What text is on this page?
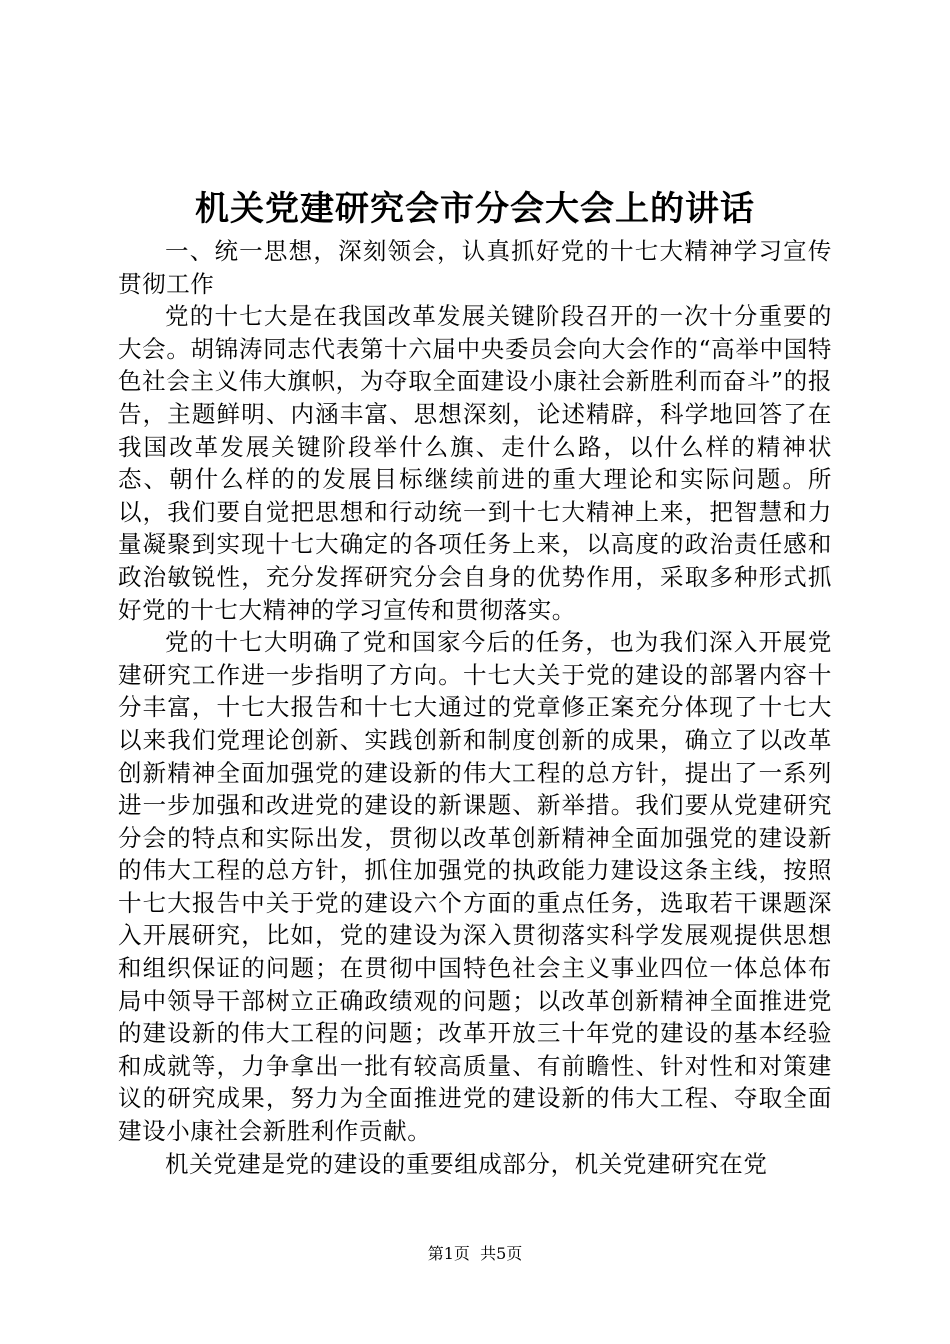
机关党建研究会市分会大会上的讲话

一、统一思想，深刻领会，认真抓好党的十七大精神学习宣传贯彻工作

党的十七大是在我国改革发展关键阶段召开的一次十分重要的大会。胡锦涛同志代表第十六届中央委员会向大会作的“高举中国特色社会主义伟大旗帜，为夺取全面建设小康社会新胜利而奋斗”的报告，主题鲜明、内涵丰富、思想深刻，论述精辟，科学地回答了在我国改革发展关键阶段举什么旗、走什么路，以什么样的精神状态、朝什么样的的发展目标继续前进的重大理论和实际问题。所以，我们要自觉把思想和行动统一到十七大精神上来，把智慧和力量凝聚到实现十七大确定的各项任务上来，以高度的政治责任感和政治敏锐性，充分发挥研究分会自身的优势作用，采取多种形式抓好党的十七大精神的学习宣传和贯彻落实。

党的十七大明确了党和国家今后的任务，也为我们深入开展党建研究工作进一步指明了方向。十七大关于党的建设的部署内容十分丰富，十七大报告和十七大通过的党章修正案充分体现了十七大以来我们党理论创新、实践创新和制度创新的成果，确立了以改革创新精神全面加强党的建设新的伟大工程的总方针，提出了一系列进一步加强和改进党的建设的新课题、新举措。我们要从党建研究分会的特点和实际出发，贯彻以改革创新精神全面加强党的建设新的伟大工程的总方针，抓住加强党的执政能力建设这条主线，按照十七大报告中关于党的建设六个方面的重点任务，选取若干课题深入开展研究，比如，党的建设为深入贯彻落实科学发展观提供思想和组织保证的问题；在贯彻中国特色社会主义事业四位一体总体布局中领导干部树立正确政绩观的问题；以改革创新精神全面推进党的建设新的伟大工程的问题；改革开放三十年党的建设的基本经验和成就等，力争拿出一批有较高质量、有前瞻性、针对性和对策建议的研究成果，努力为全面推进党的建设新的伟大工程、夺取全面建设小康社会新胜利作贡献。

机关党建是党的建设的重要组成部分，机关党建研究在党

第1页 共5页
